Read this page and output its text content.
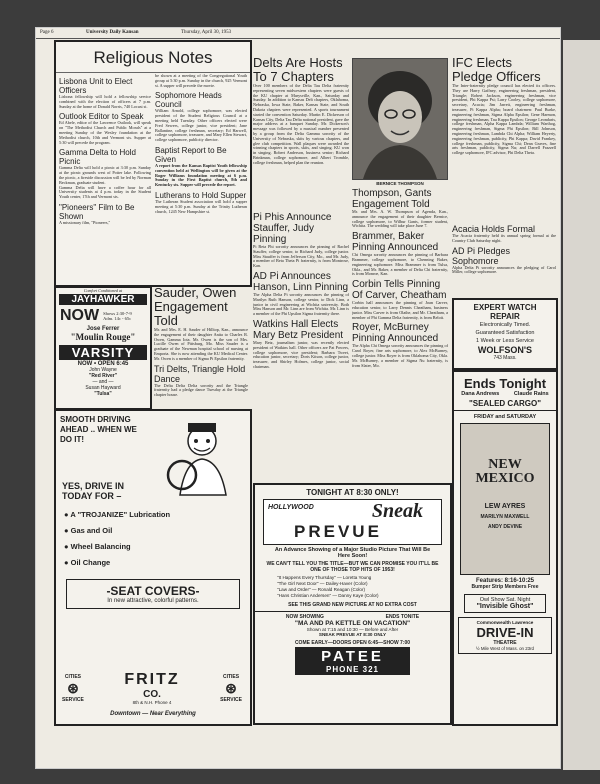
Page 6	University Daily Kansan	Thursday, April 30, 1953
Religious Notes
Lisbona Unit to Elect Officers

Lisbona fellowship will hold a fellowship service combined with the election of officers at 7 p.m. Sunday at the home of Donald Norris, 740 Locust st.

Outlook Editor to Speak

Ed Abele, editor of the Lawrence Outlook, will speak on "The Methodist Church and Public Morals" at a meeting Sunday of the Wesley foundation at the Methodist church, 10th and Vermont sts. Supper at 5:30 will precede the program.

Gamma Delta to Hold Picnic

Gamma Delta will hold a picnic at 3:30 p.m. Sunday at the picnic grounds west of Potter lake. Following the picnic, a fireside discussion will be led by Norman Beckman, graduate student.

Gamma Delta will have a coffee hour for all University students at 4 p.m. today in the Student Youth center, 17th and Vermont sts.

"Pioneers" Film to Be Shown

A missionary film, "Pioneers,"

be shown at a meeting of the Congregational Youth group at 5:30 p.m. Sunday in the church, 925 Vermont st. A supper will precede the movie.

Sophomore Heads Council

William Arnold, college sophomore, was elected president of the Student Religious Council at a meeting held Tuesday. Other officers elected were Fred Sewers, college junior, vice president; Jane Ballantine, college freshman, secretary; Ed Harwell, college sophomore, treasurer, and Mary Ellen Stewart, college sophomore, publicity director.

Baptist Report to Be Given

A report from the Kansas Baptist Youth fellowship convention held at Wellington will be given at the Roger Williams foundation meeting at 6 p.m. Sunday in the First Baptist church, 8th and Kentucky sts. Supper will precede the report.

Lutherans to Hold Supper

The Lutheran Student association will hold a supper meeting at 5:30 p.m. Sunday at the Trinity Lutheran church, 1245 New Hampshire st.

Comfort Conditioned at
JAYHAWKER
NOW Shows 2:30-7-9
Adm. 14c - 65c
Jose Ferrer
"Moulin Rouge"
VARSITY
NOW • OPEN 6:45
John Wayne
"Red River"
— and —
Susan Hayward
"Tulsa"
Sauder, Owen Engagement Told

Mr. and Mrs. E. H. Sauder of Hilltop, Kan., announce the engagement of their daughter Anita to Charles R. Owen, Gamma Iota. Mr. Owen is the son of Mrs. Lucille Owen of Pittsburg, Mo. Miss Sauder is a graduate of the Newman hospital school of nursing at Emporia. She is now attending the KU Medical Center. Mr. Owen is a member of Sigma Pi Epsilon fraternity.

Tri Delts, Triangle Hold Dance

The Delta Delta Delta sorority and the Triangle fraternity had a pledge dance Tuesday at the Triangle chapter house.

SMOOTH DRIVING AHEAD .. WHEN WE DO IT!
YES, DRIVE IN TODAY FOR –
● A "TROJANIZE" Lubrication
● Gas and Oil
● Wheel Balancing
● Oil Change
-SEAT COVERS-
In new attractive, colorful patterns.
CITIES
⊛
SERVICE
FRITZ
CO.
8th & N.H. Phone 4
CITIES
⊛
SERVICE
Downtown — Near Everything
Delts Are Hosts To 7 Chapters

Over 100 members of the Delta Tau Delta fraternity representing seven midwestern chapters were guests of the KU chapter at Marysville, Kan., Saturday and Sunday. In addition to Kansas Delt chapters, Oklahoma, Nebraska, Iowa State, Baker, Kansas State, and South Dakota chapters were represented. A sports tournament started the convention Saturday. Martin E. Dickerson of Kansas City, Delta Tau Delta national president, gave the major address at a banquet Sunday. Mr. Dickerson's message was followed by a musical number presented by a group from the Delta Gamma sorority of the University of Nebraska, skits by various chapters, and glee club competition. Wall plaques were awarded the winning chapters in sports, skits, and singing. KU won in singing. Robert Anderson, business senior; Richard Brinkman, college sophomore, and Albert Tromble, college freshman, helped plan the reunion.

Pi Phis Announce Stauffer, Judy Pinning

Pi Beta Phi sorority announces the pinning of Rachel Stauffer, college senior, to Richard Judy, college junior. Miss Stauffer is from Jefferson City, Mo., and Mr. Judy, a member of Beta Theta Pi fraternity, is from Montrose, Kan.

AD Pi Announces Hanson, Linn Pinning

The Alpha Delta Pi sorority announces the pinning of Marilyn Ruth Hanson, college senior, to Dick Linn, a junior in civil engineering at Wichita university. Both Miss Hanson and Mr. Linn are from Wichita. Mr. Linn is a member of the Phi Upsilon Sigma fraternity there.

Watkins Hall Elects Mary Betz President

Mary Betz, journalism junior, was recently elected president of Watkins hall. Other officers are Pat Powers, college sophomore, vice president; Barbara Tweet, education junior, secretary; Doris Kitson, college junior, treasurer, and Shirley Holmes, college junior, social chairman.

BERNICE THOMPSON
Thompson, Gants Engagement Told

Mr. and Mrs. A. W. Thompson of Agenda, Kan., announce the engagement of their daughter Bernice, college sophomore, to Wilbur Gants, former student, Wichita. The wedding will take place June 7.

Brammer, Baker Pinning Announced

Chi Omega sorority announces the pinning of Barbara Brammer, college sophomore, to Chenning Baker, engineering sophomore. Miss Brammer is from Tulsa, Okla., and Mr. Baker, a member of Delta Chi fraternity, is from Monroe, Kan.

Corbin Tells Pinning Of Carver, Cheatham

Corbin hall announces the pinning of Joan Carver, education senior, to Larry Dennis Cheatham, business junior. Miss Carver is from Olathe, and Mr. Cheatham, a member of Phi Gamma Delta fraternity, is from Beloit.

Royer, McBurney Pinning Announced

The Alpha Chi Omega sorority announces the pinning of Carol Royer, fine arts sophomore, to Alex McBurney, college junior. Miss Royer is from Oklahoma City, Okla. Mr. McBurney, a member of Sigma Nu fraternity, is from Slater, Mo.

IFC Elects Pledge Officers

The Inter-fraternity pledge council has elected its officers. They are Harry Gaffney, engineering freshman, president, Triangle; Robert Jackson, engineering freshman, vice president, Phi Kappa Psi; Larry Cooley, college sophomore, secretary, Acacia; Jim Jarrett, engineering freshman, treasurer, Pi Kappa Alpha; board chairmen: Paul Burke, engineering freshman, Sigma Alpha Epsilon; Gene Harmon, engineering freshman, Tau Kappa Epsilon; George Leondaris, college freshman, Alpha Kappa Lambda; William Warthog, engineering freshman, Sigma Phi Epsilon; Bill Johnson, engineering freshman, Lambda Chi Alpha; William Heyerty, engineering freshman, publicity, Phi Kappa; David Frankey, college freshman, publicity, Sigma Chi; Dean Graves, fine arts freshman, publicity, Sigma Nu; and Darrell Frazzell college sophomore, IFC advisor, Phi Delta Theta.

Acacia Holds Formal

The Acacia fraternity held its annual spring formal at the Country Club Saturday night.

AD Pi Pledges Sophomore

Alpha Delta Pi sorority announces the pledging of Carol Miller, college sophomore.

EXPERT WATCH
REPAIR
Electronically Timed.
Guaranteed Satisfaction
1 Week or Less Service
WOLFSON'S
743 Mass.
TONIGHT AT 8:30 ONLY!
HOLLYWOOD	Sneak
PREVUE
An Advance Showing of a Major Studio Picture That Will Be Here Soon!
WE CAN'T TELL YOU THE TITLE—BUT WE CAN PROMISE YOU IT'LL BE ONE OF THOSE TOP HITS OF 1953!
"It Happens Every Thursday" — Loretta Young
"The Girl Next Door" — Dailey-Haver (Color)
"Law and Order" — Ronald Reagan (Color)
"Hans Christian Andersen" — Danny Kaye (Color)
SEE THIS GRAND NEW PICTURE AT NO EXTRA COST
NOW SHOWING	ENDS TONITE
"MA AND PA KETTLE ON VACATION"
Shown at 7:15 and 10:30 — Before and After
SNEAK PREVUE AT 8:30 ONLY
COME EARLY—DOORS OPEN 6:45—SHOW 7:00
PATEE
PHONE 321
Ends Tonight
Dana Andrews	Claude Rains
"SEALED CARGO"
FRIDAY and SATURDAY
NEW MEXICO
LEW AYRES
MARILYN MAXWELL
ANDY DEVINE
Features: 8:16-10:25
Bumper Strip Members Free
Owl Show Sat. Night
"Invisible Ghost"
Commonwealth Lawrence
DRIVE-IN
THEATRE
½ Mile West of Mass. on 23rd
